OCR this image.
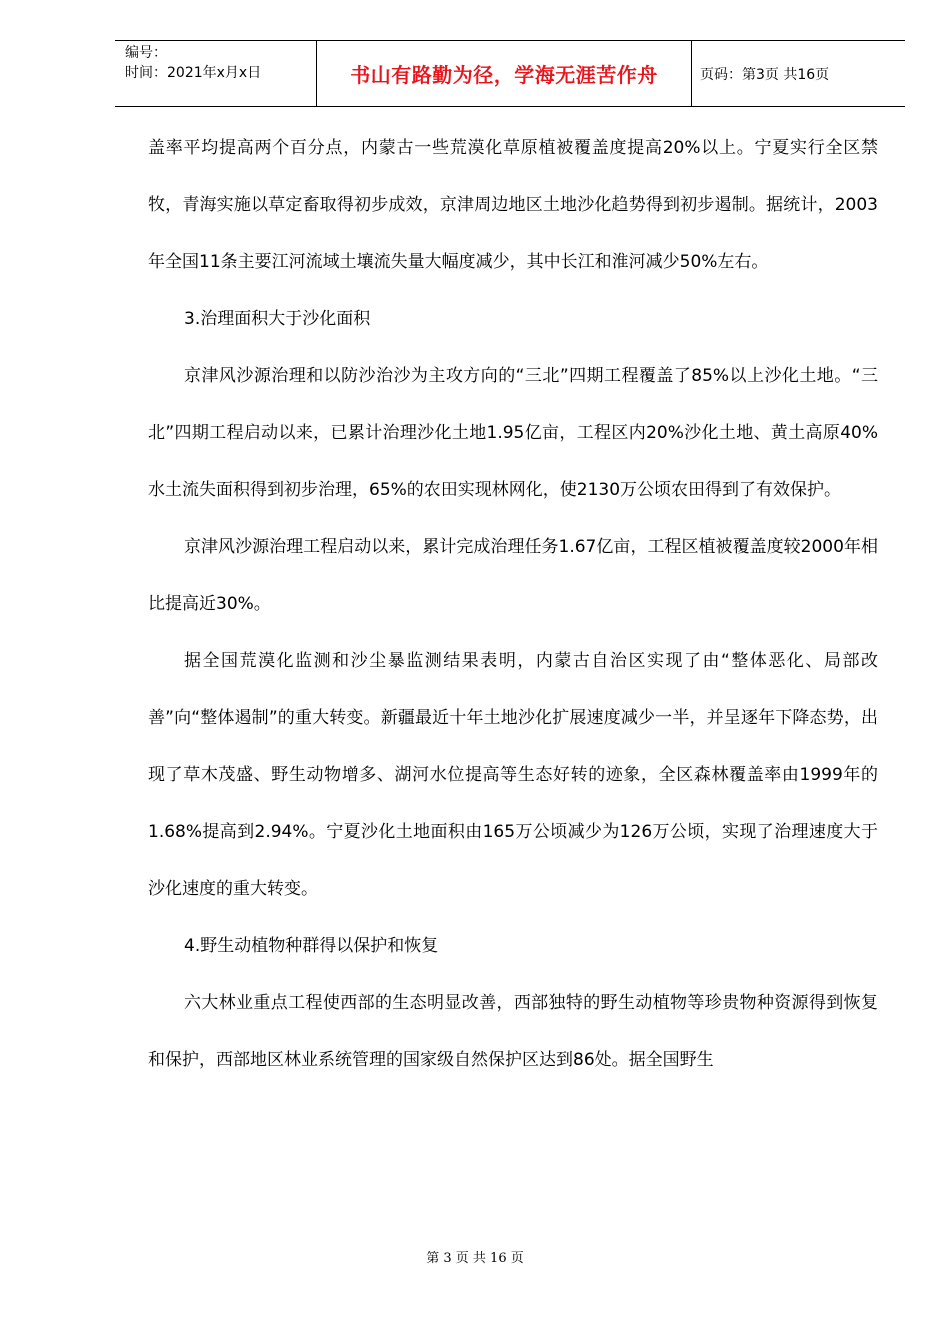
编号：
时间：2021年x月x日	书山有路勤为径，学海无涯苦作舟	页码：第3页 共16页

盖率平均提高两个百分点，内蒙古一些荒漠化草原植被覆盖度提高20%以上。宁夏实行全区禁牧，青海实施以草定畜取得初步成效，京津周边地区土地沙化趋势得到初步遏制。据统计，2003年全国11条主要江河流域土壤流失量大幅度减少，其中长江和淮河减少50%左右。

3.治理面积大于沙化面积

京津风沙源治理和以防沙治沙为主攻方向的“三北”四期工程覆盖了85%以上沙化土地。“三北”四期工程启动以来，已累计治理沙化土地1.95亿亩，工程区内20%沙化土地、黄土高原40%水土流失面积得到初步治理，65%的农田实现林网化，使2130万公顷农田得到了有效保护。

京津风沙源治理工程启动以来，累计完成治理任务1.67亿亩，工程区植被覆盖度较2000年相比提高近30%。

据全国荒漠化监测和沙尘暴监测结果表明，内蒙古自治区实现了由“整体恶化、局部改善”向“整体遏制”的重大转变。新疆最近十年土地沙化扩展速度减少一半，并呈逐年下降态势，出现了草木茂盛、野生动物增多、湖河水位提高等生态好转的迹象，全区森林覆盖率由1999年的1.68%提高到2.94%。宁夏沙化土地面积由165万公顷减少为126万公顷，实现了治理速度大于沙化速度的重大转变。

4.野生动植物种群得以保护和恢复

六大林业重点工程使西部的生态明显改善，西部独特的野生动植物等珍贵物种资源得到恢复和保护，西部地区林业系统管理的国家级自然保护区达到86处。据全国野生

第 3 页 共 16 页
